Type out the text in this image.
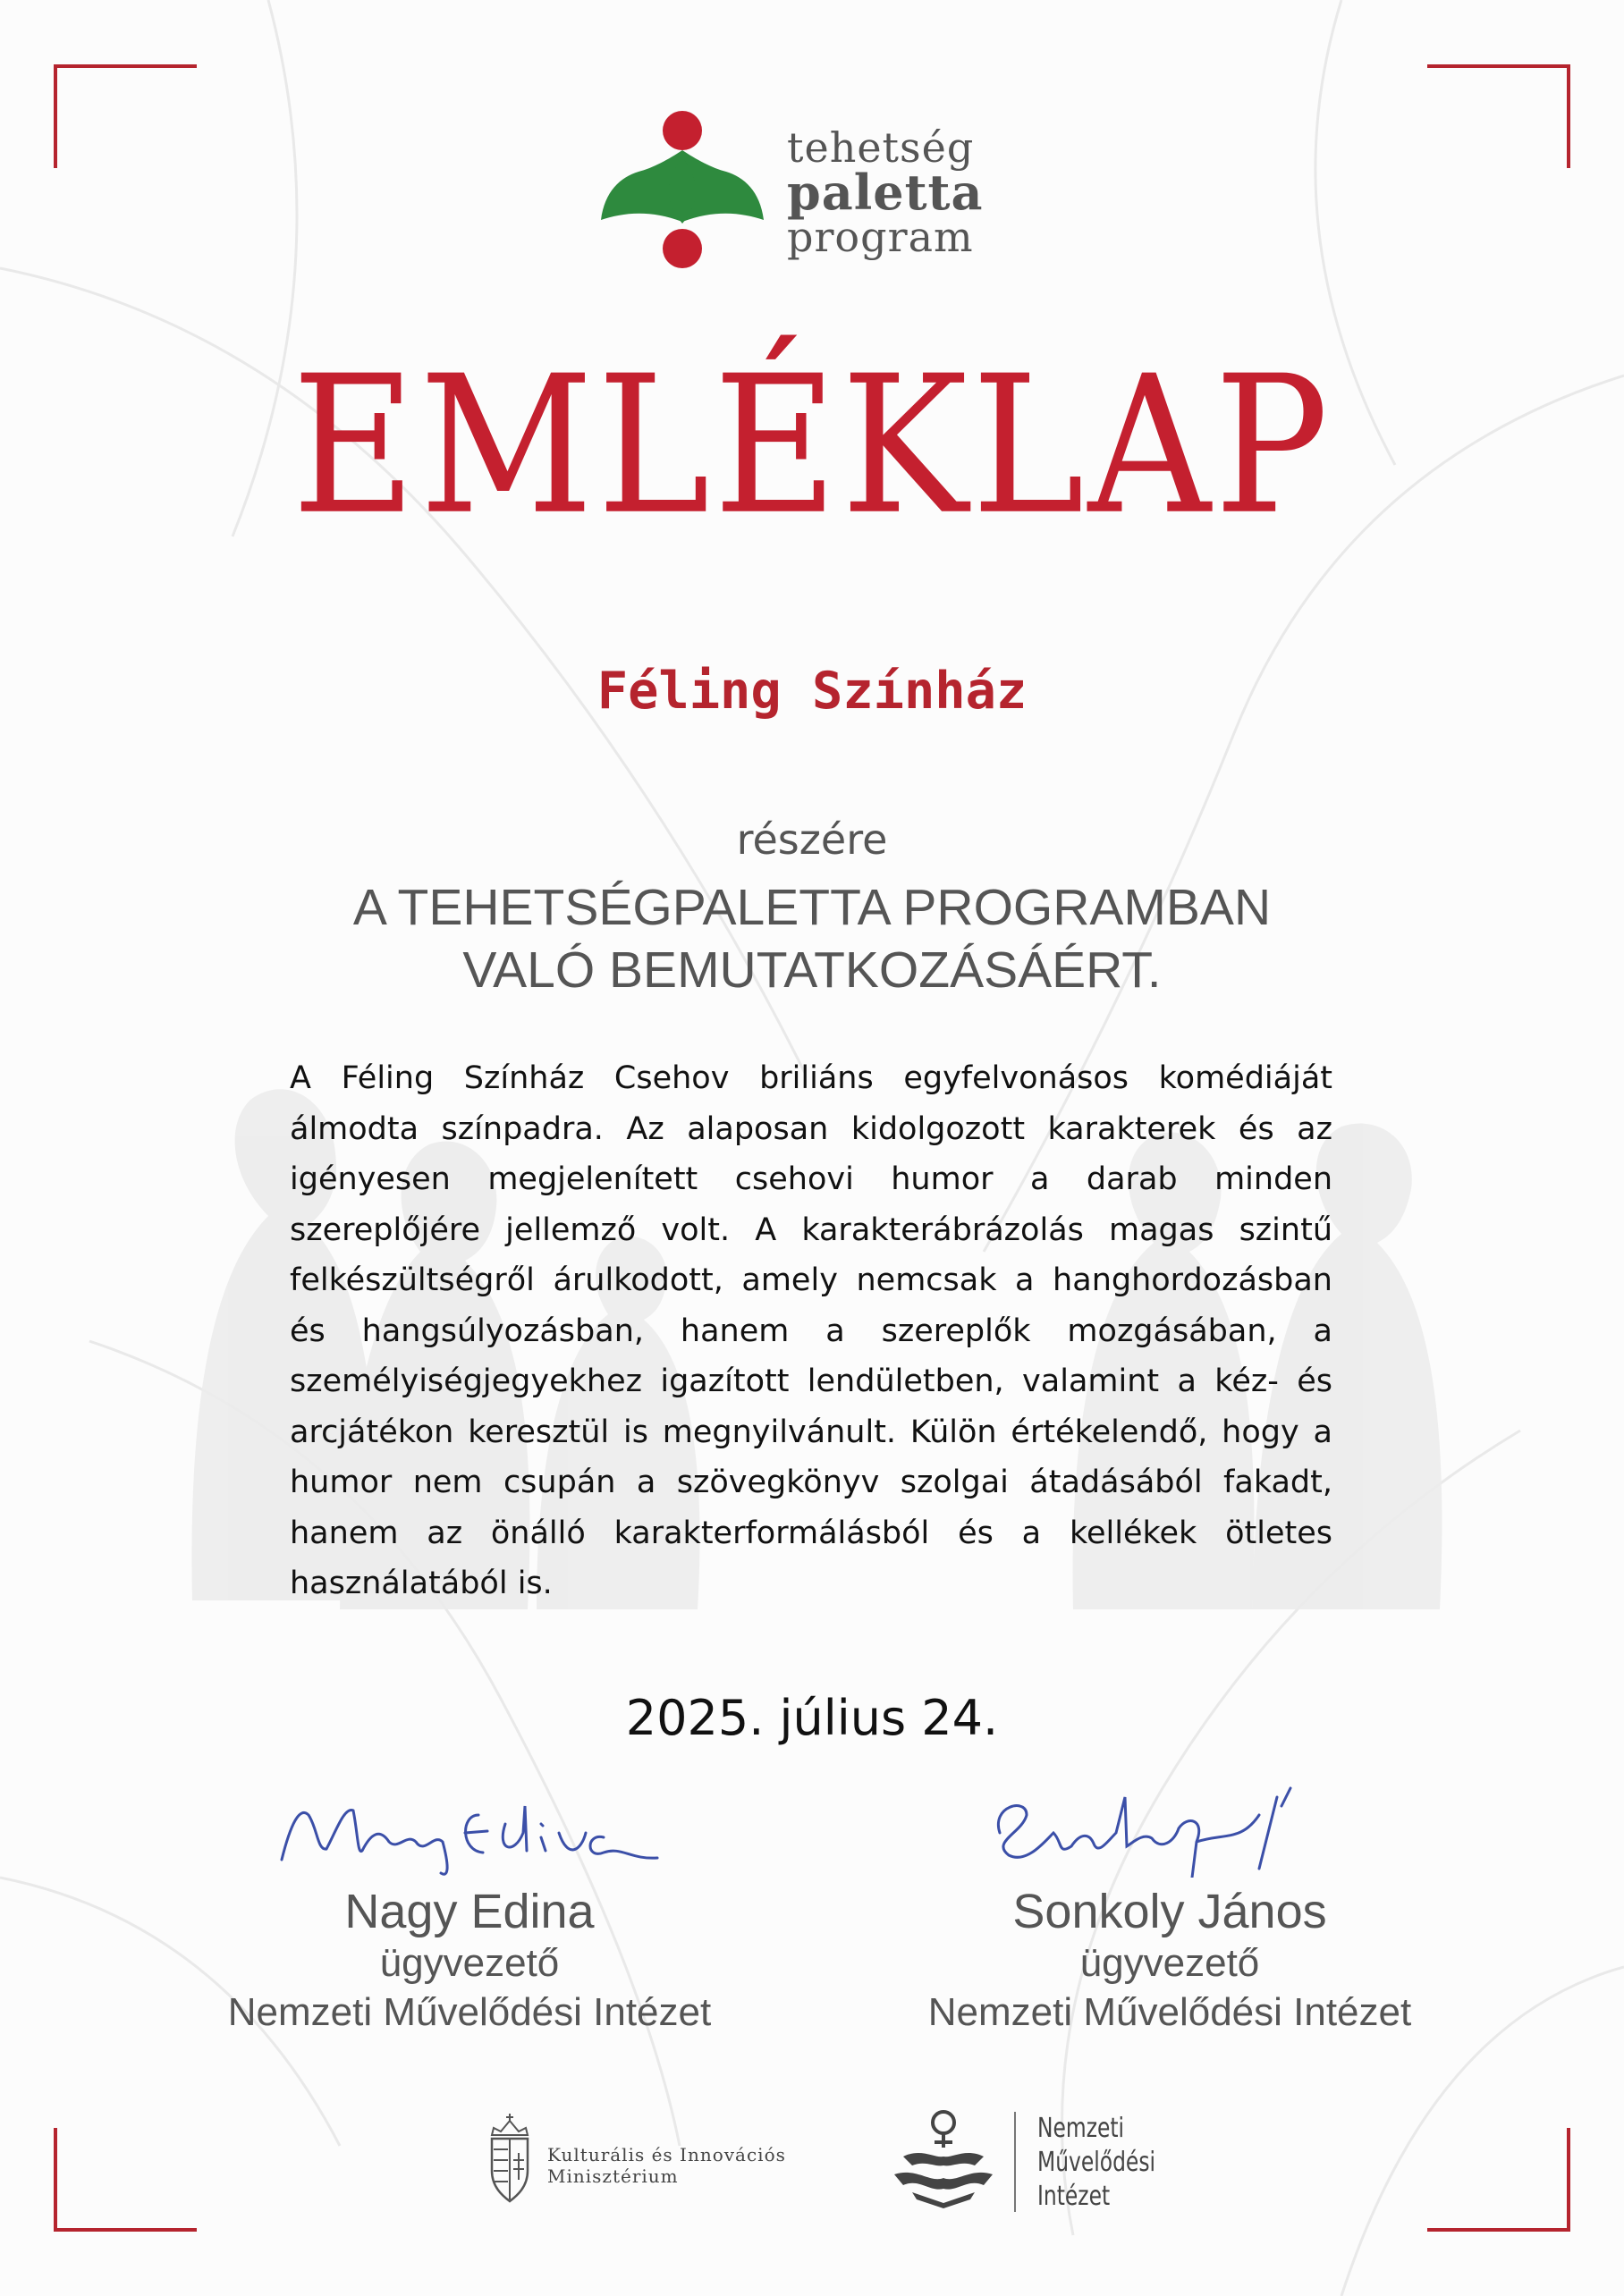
tehetség
paletta
program
EMLÉKLAP
Féling Színház
részére
A TEHETSÉGPALETTA PROGRAMBAN
VALÓ BEMUTATKOZÁSÁÉRT.
A Féling Színház Csehov briliáns egyfelvonásos komédiáját álmodta színpadra. Az alaposan kidolgozott karakterek és az igényesen megjelenített csehovi humor a darab minden szereplőjére jellemző volt. A karakterábrázolás magas szintű felkészültségről árulkodott, amely nemcsak a hanghordozásban és hangsúlyozásban, hanem a szereplők mozgásában, a személyiségjegyekhez igazított lendületben, valamint a kéz- és arcjátékon keresztül is megnyilvánult. Külön értékelendő, hogy a humor nem csupán a szövegkönyv szolgai átadásából fakadt, hanem az önálló karakterformálásból és a kellékek ötletes használatából is.
2025. július 24.
Nagy Edina
Nagy Edina
ügyvezető
Nemzeti Művelődési Intézet
Sonkoly J
Sonkoly János
ügyvezető
Nemzeti Művelődési Intézet
Kulturális és Innovációs
Minisztérium
Nemzeti
Művelődési
Intézet
